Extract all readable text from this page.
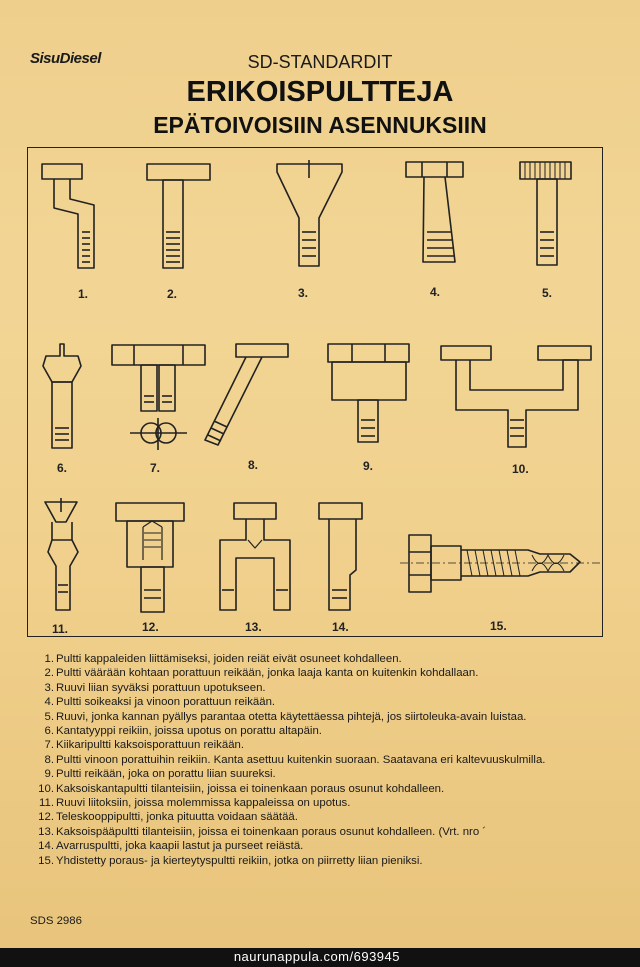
SisuDiesel	SD-STANDARDIT
ERIKOISPULTTEJA
EPÄTOIVOISIIN ASENNUKSIIN
1.	2.	3.	4.	5.
6.	7.	8.	9.	10.
11.	12.	13.	14.	15.
1. Pultti kappaleiden liittämiseksi, joiden reiät eivät osuneet kohdalleen.
2. Pultti väärään kohtaan porattuun reikään, jonka laaja kanta on kuitenkin kohdallaan.
3. Ruuvi liian syväksi porattuun upotukseen.
4. Pultti soikeaksi ja vinoon porattuun reikään.
5. Ruuvi, jonka kannan pyällys parantaa otetta käytettäessa pihtejä, jos siirtoleuka-avain luistaa.
6. Kantatyyppi reikiin, joissa upotus on porattu altapäin.
7. Kiikaripultti kaksoisporattuun reikään.
8. Pultti vinoon porattuihin reikiin. Kanta asettuu kuitenkin suoraan. Saatavana eri kaltevuuskulmilla.
9. Pultti reikään, joka on porattu liian suureksi.
10. Kaksoiskantapultti tilanteisiin, joissa ei toinenkaan poraus osunut kohdalleen.
11. Ruuvi liitoksiin, joissa molemmissa kappaleissa on upotus.
12. Teleskooppipultti, jonka pituutta voidaan säätää.
13. Kaksoispääpultti tilanteisiin, joissa ei toinenkaan poraus osunut kohdalleen. (Vrt. nro ´
14. Avarruspultti, joka kaapii lastut ja purseet reiästä.
15. Yhdistetty poraus- ja kierteytyspultti reikiin, jotka on piirretty liian pieniksi.
SDS 2986
naurunappula.com/693945
